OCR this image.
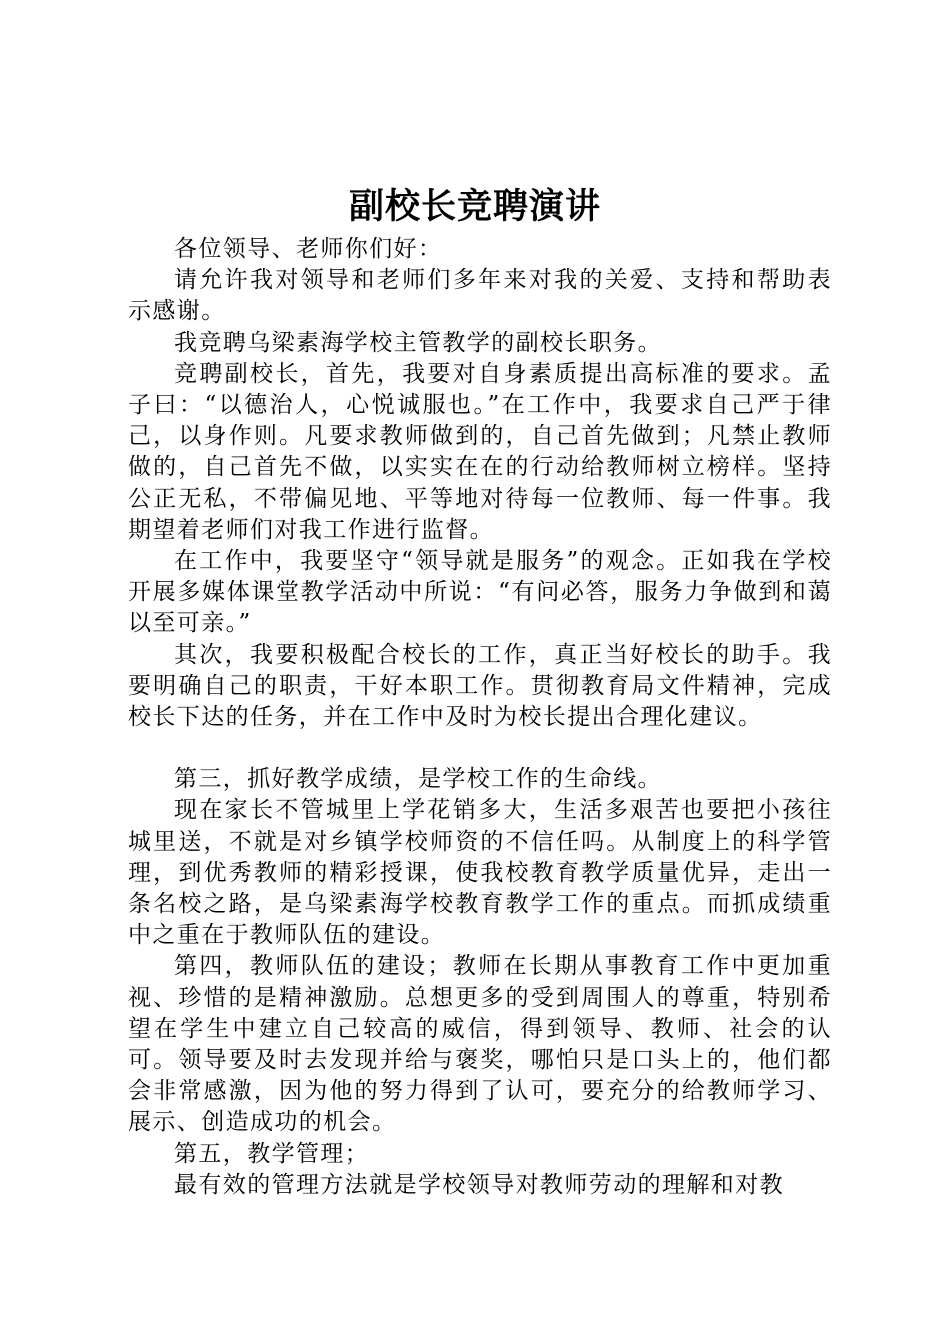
副校长竞聘演讲

各位领导、老师你们好：

请允许我对领导和老师们多年来对我的关爱、支持和帮助表示感谢。

我竞聘乌梁素海学校主管教学的副校长职务。

竞聘副校长，首先，我要对自身素质提出高标准的要求。孟子曰：“以德治人，心悦诚服也。”在工作中，我要求自己严于律己，以身作则。凡要求教师做到的，自己首先做到；凡禁止教师做的，自己首先不做，以实实在在的行动给教师树立榜样。坚持公正无私，不带偏见地、平等地对待每一位教师、每一件事。我期望着老师们对我工作进行监督。

在工作中，我要坚守“领导就是服务”的观念。正如我在学校开展多媒体课堂教学活动中所说：“有问必答，服务力争做到和蔼以至可亲。”

其次，我要积极配合校长的工作，真正当好校长的助手。我要明确自己的职责，干好本职工作。贯彻教育局文件精神，完成校长下达的任务，并在工作中及时为校长提出合理化建议。

第三，抓好教学成绩，是学校工作的生命线。

现在家长不管城里上学花销多大，生活多艰苦也要把小孩往城里送，不就是对乡镇学校师资的不信任吗。从制度上的科学管理，到优秀教师的精彩授课，使我校教育教学质量优异，走出一条名校之路，是乌梁素海学校教育教学工作的重点。而抓成绩重中之重在于教师队伍的建设。

第四，教师队伍的建设；教师在长期从事教育工作中更加重视、珍惜的是精神激励。总想更多的受到周围人的尊重，特别希望在学生中建立自己较高的威信，得到领导、教师、社会的认可。领导要及时去发现并给与褒奖，哪怕只是口头上的，他们都会非常感激，因为他的努力得到了认可，要充分的给教师学习、展示、创造成功的机会。

第五，教学管理；

最有效的管理方法就是学校领导对教师劳动的理解和对教
